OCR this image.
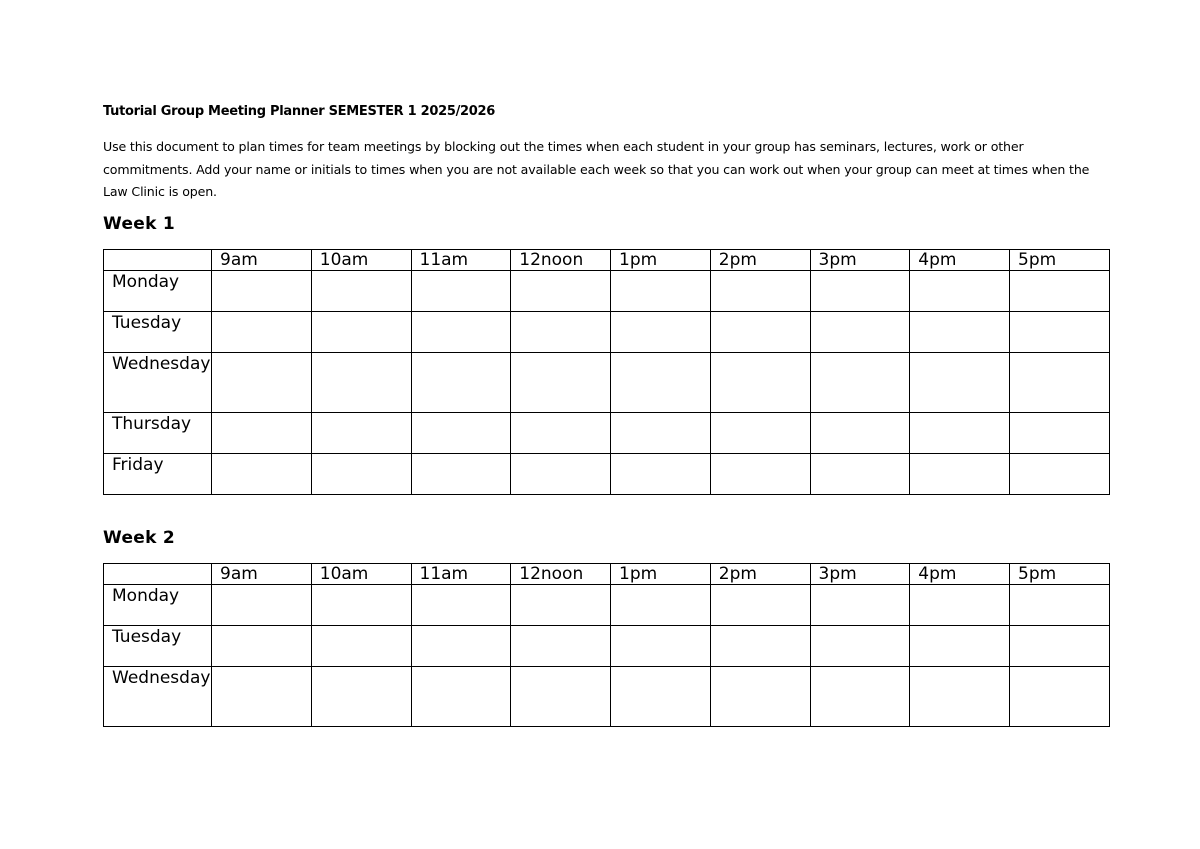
Tutorial Group Meeting Planner SEMESTER 1 2025/2026
Use this document to plan times for team meetings by blocking out the times when each student in your group has seminars, lectures, work or other commitments. Add your name or initials to times when you are not available each week so that you can work out when your group can meet at times when the Law Clinic is open.
Week 1
	9am	10am	11am	12noon	1pm	2pm	3pm	4pm	5pm
Monday									
Tuesday									
Wednesday									
Thursday									
Friday									
Week 2
	9am	10am	11am	12noon	1pm	2pm	3pm	4pm	5pm
Monday									
Tuesday									
Wednesday									
